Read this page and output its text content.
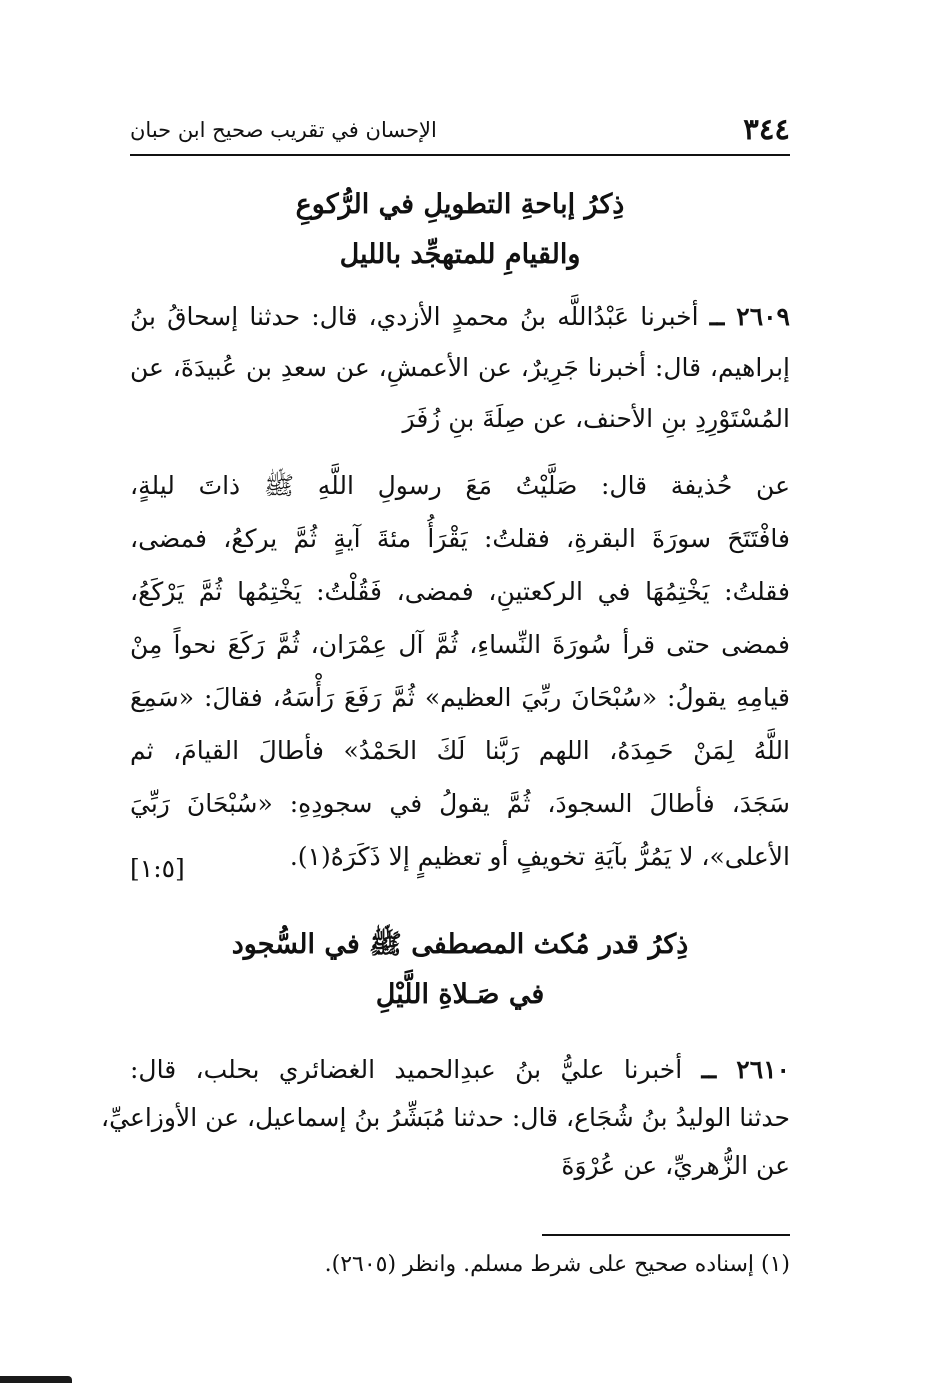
٣٤٤
الإحسان في تقريب صحيح ابن حبان
ذِكرُ إباحةِ التطويلِ في الرُّكوعِ
والقيامِ للمتهجِّد بالليل
٢٦٠٩ ــ أخبرنا عَبْدُاللَّه بنُ محمدٍ الأزدي، قال: حدثنا إسحاقُ بنُ
إبراهيم، قال: أخبرنا جَرِيرٌ، عن الأعمشِ، عن سعدِ بن عُبيدَةَ، عن
المُسْتَوْرِدِ بنِ الأحنف، عن صِلَةَ بنِ زُفَرَ
عن حُذيفة قال: صَلَّيْتُ مَعَ رسولِ اللَّهِ ﷺ ذاتَ ليلةٍ،
فافْتَتَحَ سورَةَ البقرةِ، فقلتُ: يَقْرَأُ مئةَ آيةٍ ثُمَّ يركعُ، فمضى،
فقلتُ: يَخْتِمُهَا في الركعتينِ، فمضى، فَقُلْتُ: يَخْتِمُها ثُمَّ يَرْكَعُ،
فمضى حتى قرأ سُورَةَ النِّساءِ، ثُمَّ آل عِمْرَان، ثُمَّ رَكَعَ نحواً مِنْ
قيامِهِ يقولُ: «سُبْحَانَ ربِّيَ العظيم» ثُمَّ رَفَعَ رَأْسَهُ، فقالَ: «سَمِعَ
اللَّهُ لِمَنْ حَمِدَهُ، اللهم رَبَّنا لَكَ الحَمْدُ» فأطالَ القيامَ، ثم
سَجَدَ، فأطالَ السجودَ، ثُمَّ يقولُ في سجودِهِ: «سُبْحَانَ رَبِّيَ
الأعلى»، لا يَمُرُّ بآيَةِ تخويفٍ أو تعظيمٍ إلا ذَكَرَهُ(١).
[١:٥]
ذِكرُ قدر مُكث المصطفى ﷺ في السُّجود
في صَـلاةِ اللَّيْلِ
٢٦١٠ ــ أخبرنا عليُّ بنُ عبدِالحميد الغضائري بحلب، قال:
حدثنا الوليدُ بنُ شُجَاع، قال: حدثنا مُبَشِّرُ بنُ إسماعيل، عن الأوزاعيِّ،
عن الزُّهريِّ، عن عُرْوَةَ
(١) إسناده صحيح على شرط مسلم. وانظر (٢٦٠٥).
